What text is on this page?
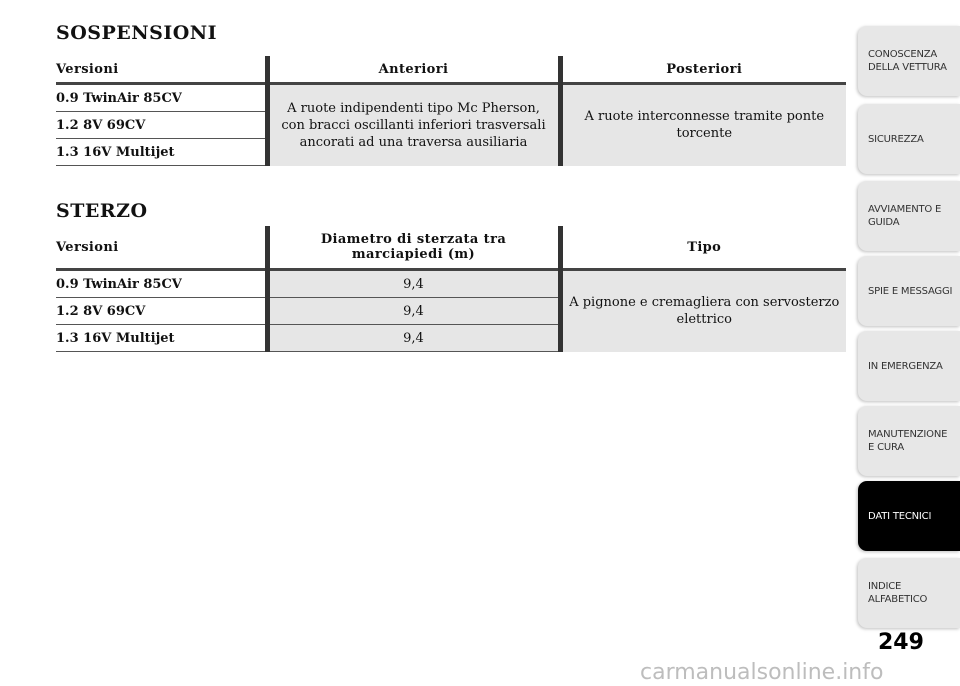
SOSPENSIONI
Versioni	Anteriori	Posteriori
0.9 TwinAir 85CV	A ruote indipendenti tipo Mc Pherson, con bracci oscillanti inferiori trasversali ancorati ad una traversa ausiliaria	A ruote interconnesse tramite ponte torcente
1.2 8V 69CV		
1.3 16V Multijet		
STERZO
Versioni	Diametro di sterzata tra marciapiedi (m)	Tipo
0.9 TwinAir 85CV	9,4	A pignone e cremagliera con servosterzo elettrico
1.2 8V 69CV	9,4	
1.3 16V Multijet	9,4	
CONOSCENZA DELLA VETTURA
SICUREZZA
AVVIAMENTO E GUIDA
SPIE E MESSAGGI
IN EMERGENZA
MANUTENZIONE E CURA
DATI TECNICI
INDICE ALFABETICO
249
carmanualsonline.info
